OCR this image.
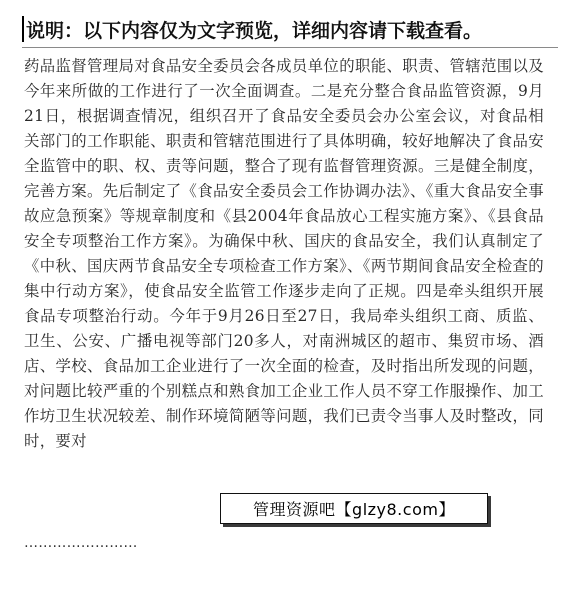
说明：以下内容仅为文字预览，详细内容请下载查看。
药品监督管理局对食品安全委员会各成员单位的职能、职责、管辖范围以及今年来所做的工作进行了一次全面调查。二是充分整合食品监管资源，9月21日，根据调查情况，组织召开了食品安全委员会办公室会议，对食品相关部门的工作职能、职责和管辖范围进行了具体明确，较好地解决了食品安全监管中的职、权、责等问题，整合了现有监督管理资源。三是健全制度，完善方案。先后制定了《食品安全委员会工作协调办法》、《重大食品安全事故应急预案》等规章制度和《县2004年食品放心工程实施方案》、《县食品安全专项整治工作方案》。为确保中秋、国庆的食品安全，我们认真制定了《中秋、国庆两节食品安全专项检查工作方案》、《两节期间食品安全检查的集中行动方案》，使食品安全监管工作逐步走向了正规。四是牵头组织开展食品专项整治行动。今年于9月26日至27日，我局牵头组织工商、质监、卫生、公安、广播电视等部门20多人，对南洲城区的超市、集贸市场、酒店、学校、食品加工企业进行了一次全面的检查，及时指出所发现的问题，对问题比较严重的个别糕点和熟食加工企业工作人员不穿工作服操作、加工作坊卫生状况较差、制作环境简陋等问题，我们已责令当事人及时整改，同时，要对
管理资源吧【glzy8.com】
……………………
